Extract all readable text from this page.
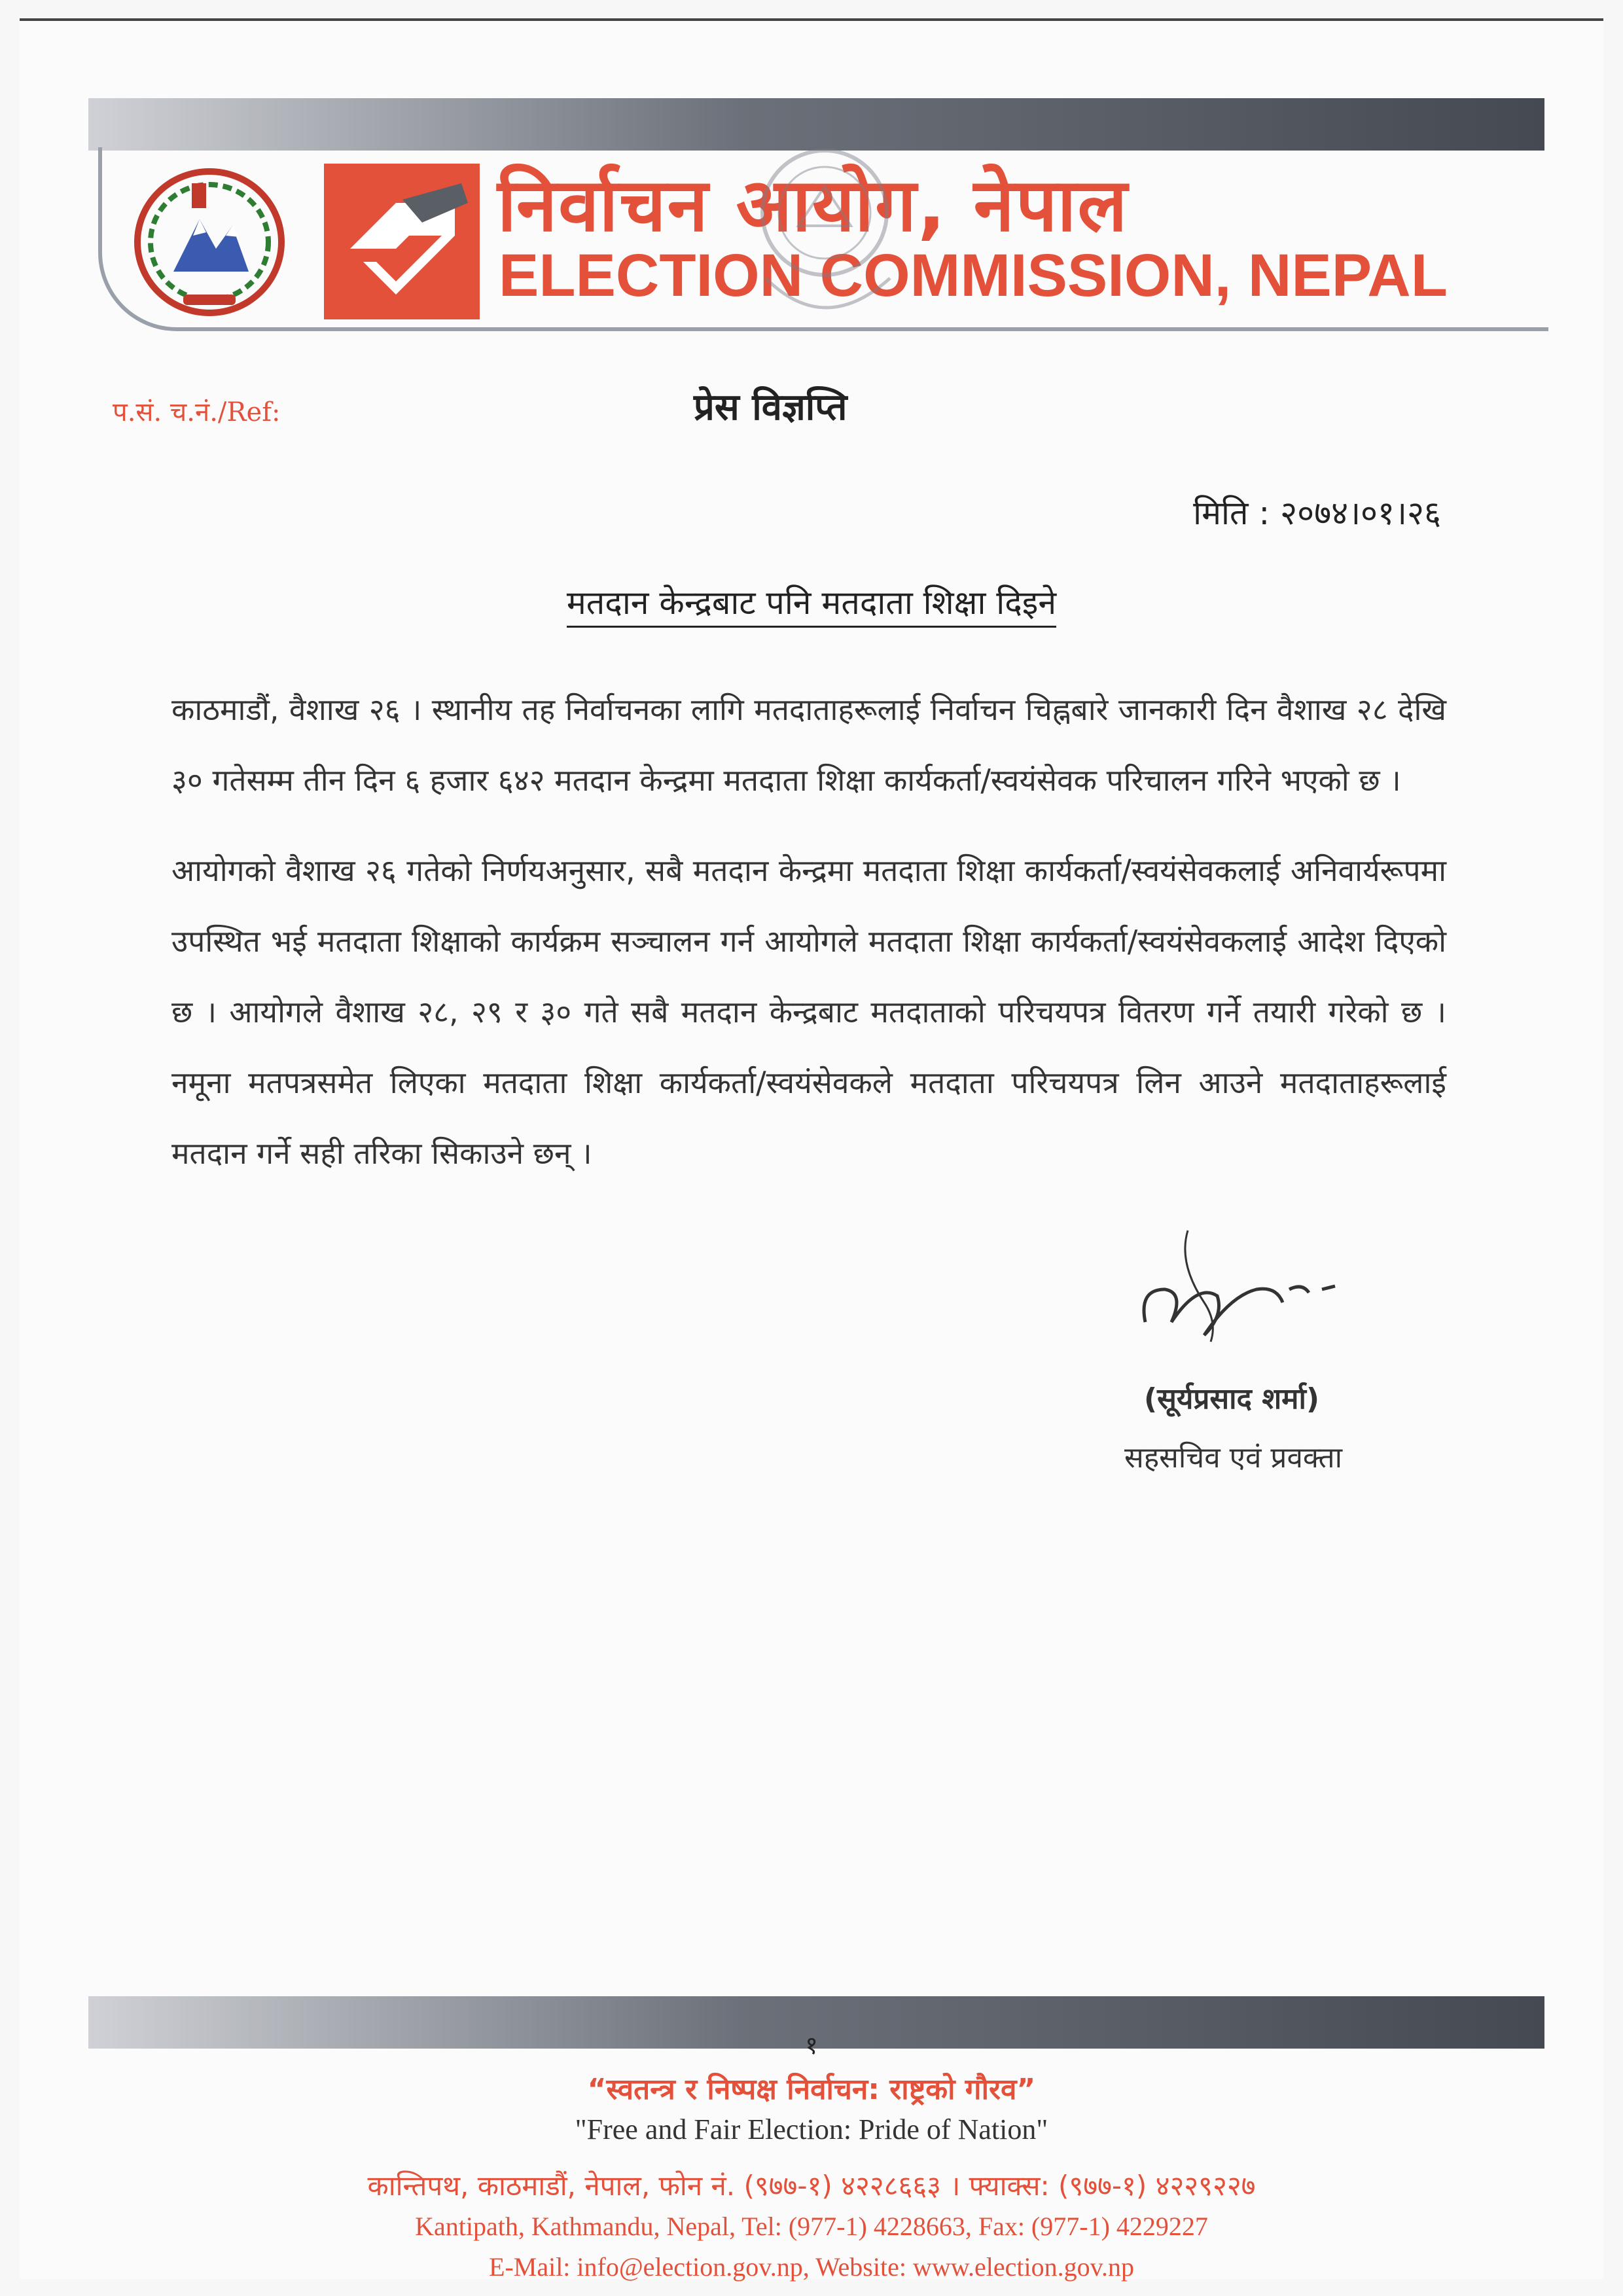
निर्वाचन आयोग, नेपाल
ELECTION COMMISSION, NEPAL
प.सं. च.नं./Ref:	प्रेस विज्ञप्ति
मिति : २०७४।०१।२६
मतदान केन्द्रबाट पनि मतदाता शिक्षा दिइने

काठमाडौं, वैशाख २६ । स्थानीय तह निर्वाचनका लागि मतदाताहरूलाई निर्वाचन चिह्नबारे जानकारी दिन वैशाख २८ देखि ३० गतेसम्म तीन दिन ६ हजार ६४२ मतदान केन्द्रमा मतदाता शिक्षा कार्यकर्ता/स्वयंसेवक परिचालन गरिने भएको छ ।

आयोगको वैशाख २६ गतेको निर्णयअनुसार, सबै मतदान केन्द्रमा मतदाता शिक्षा कार्यकर्ता/स्वयंसेवकलाई अनिवार्यरूपमा उपस्थित भई मतदाता शिक्षाको कार्यक्रम सञ्चालन गर्न आयोगले मतदाता शिक्षा कार्यकर्ता/स्वयंसेवकलाई आदेश दिएको छ । आयोगले वैशाख २८, २९ र ३० गते सबै मतदान केन्द्रबाट मतदाताको परिचयपत्र वितरण गर्ने तयारी गरेको छ । नमूना मतपत्रसमेत लिएका मतदाता शिक्षा कार्यकर्ता/स्वयंसेवकले मतदाता परिचयपत्र लिन आउने मतदाताहरूलाई मतदान गर्ने सही तरिका सिकाउने छन् ।

(सूर्यप्रसाद शर्मा)
सहसचिव एवं प्रवक्ता
१
“स्वतन्त्र र निष्पक्ष निर्वाचन: राष्ट्रको गौरव”
"Free and Fair Election: Pride of Nation"
कान्तिपथ, काठमाडौं, नेपाल, फोन नं. (९७७-१) ४२२८६६३ । फ्याक्स: (९७७-१) ४२२९२२७
Kantipath, Kathmandu, Nepal, Tel: (977-1) 4228663, Fax: (977-1) 4229227
E-Mail: info@election.gov.np, Website: www.election.gov.np
